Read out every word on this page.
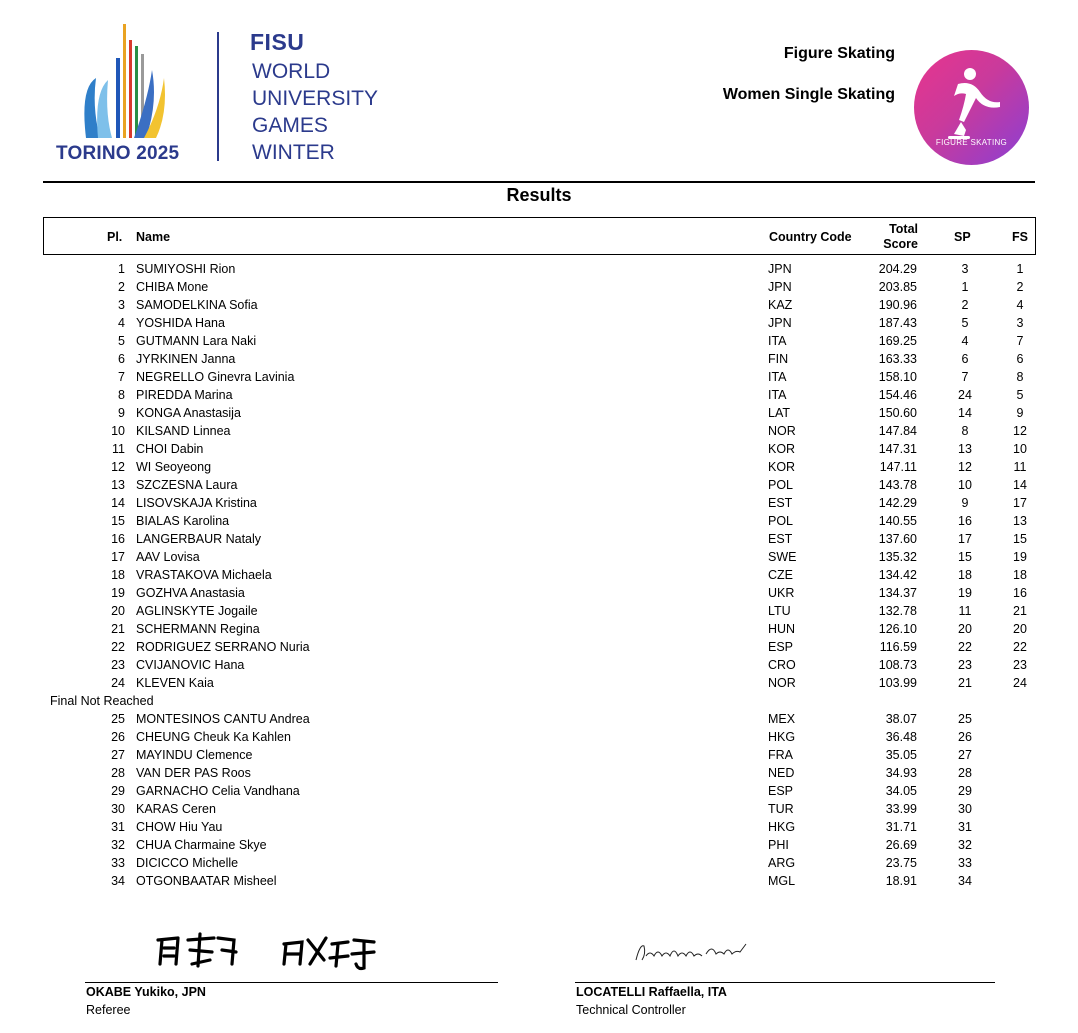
TORINO 2025
FISU
WORLD
UNIVERSITY
GAMES
WINTER
Figure Skating
Women Single Skating
FIGURE SKATING
Results
Pl. Name	Country Code
Total
Score	SP	FS
1 SUMIYOSHI Rion	JPN	204.29	3	1
2 CHIBA Mone	JPN	203.85	1	2
3 SAMODELKINA Sofia	KAZ	190.96	2	4
4 YOSHIDA Hana	JPN	187.43	5	3
5 GUTMANN Lara Naki	ITA	169.25	4	7
6 JYRKINEN Janna	FIN	163.33	6	6
7 NEGRELLO Ginevra Lavinia	ITA	158.10	7	8
8 PIREDDA Marina	ITA	154.46	24	5
9 KONGA Anastasija	LAT	150.60	14	9
10 KILSAND Linnea	NOR	147.84	8	12
11 CHOI Dabin	KOR	147.31	13	10
12 WI Seoyeong	KOR	147.11	12	11
13 SZCZESNA Laura	POL	143.78	10	14
14 LISOVSKAJA Kristina	EST	142.29	9	17
15 BIALAS Karolina	POL	140.55	16	13
16 LANGERBAUR Nataly	EST	137.60	17	15
17 AAV Lovisa	SWE	135.32	15	19
18 VRASTAKOVA Michaela	CZE	134.42	18	18
19 GOZHVA Anastasia	UKR	134.37	19	16
20 AGLINSKYTE Jogaile	LTU	132.78	11	21
21 SCHERMANN Regina	HUN	126.10	20	20
22 RODRIGUEZ SERRANO Nuria	ESP	116.59	22	22
23 CVIJANOVIC Hana	CRO	108.73	23	23
24 KLEVEN Kaia	NOR	103.99	21	24
Final Not Reached
25 MONTESINOS CANTU Andrea	MEX	38.07	25
26 CHEUNG Cheuk Ka Kahlen	HKG	36.48	26
27 MAYINDU Clemence	FRA	35.05	27
28 VAN DER PAS Roos	NED	34.93	28
29 GARNACHO Celia Vandhana	ESP	34.05	29
30 KARAS Ceren	TUR	33.99	30
31 CHOW Hiu Yau	HKG	31.71	31
32 CHUA Charmaine Skye	PHI	26.69	32
33 DICICCO Michelle	ARG	23.75	33
34 OTGONBAATAR Misheel	MGL	18.91	34
OKABE Yukiko, JPN
Referee
LOCATELLI Raffaella, ITA
Technical Controller
